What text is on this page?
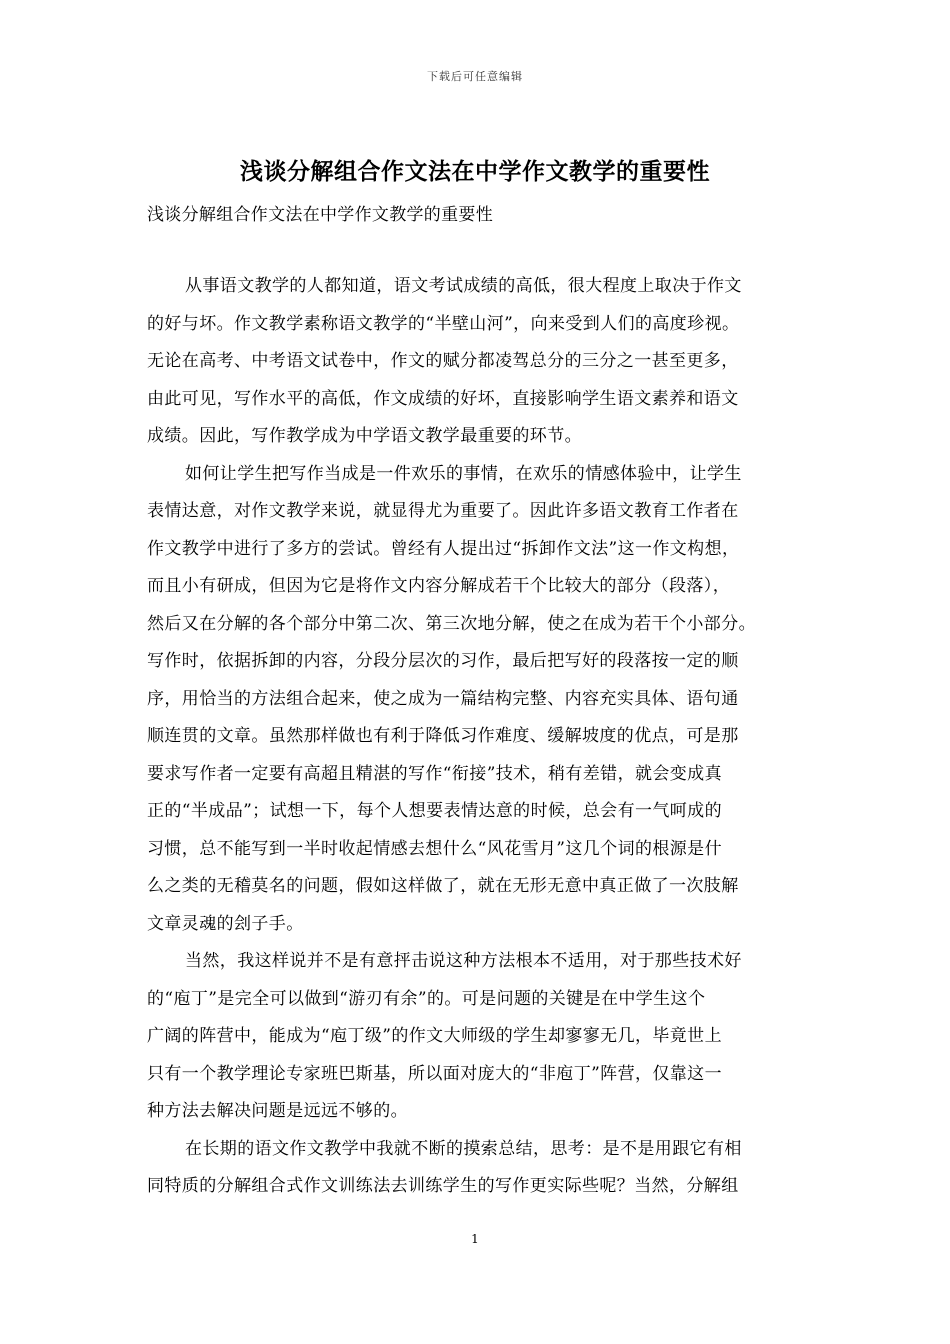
下载后可任意编辑
浅谈分解组合作文法在中学作文教学的重要性
浅谈分解组合作文法在中学作文教学的重要性
从事语文教学的人都知道，语文考试成绩的高低，很大程度上取决于作文
的好与坏。作文教学素称语文教学的“半壁山河”，向来受到人们的高度珍视。
无论在高考、中考语文试卷中，作文的赋分都凌驾总分的三分之一甚至更多，
由此可见，写作水平的高低，作文成绩的好坏，直接影响学生语文素养和语文
成绩。因此，写作教学成为中学语文教学最重要的环节。
如何让学生把写作当成是一件欢乐的事情，在欢乐的情感体验中，让学生
表情达意，对作文教学来说，就显得尤为重要了。因此许多语文教育工作者在
作文教学中进行了多方的尝试。曾经有人提出过“拆卸作文法”这一作文构想，
而且小有研成，但因为它是将作文内容分解成若干个比较大的部分（段落），
然后又在分解的各个部分中第二次、第三次地分解，使之在成为若干个小部分。
写作时，依据拆卸的内容，分段分层次的习作，最后把写好的段落按一定的顺
序，用恰当的方法组合起来，使之成为一篇结构完整、内容充实具体、语句通
顺连贯的文章。虽然那样做也有利于降低习作难度、缓解坡度的优点，可是那
要求写作者一定要有高超且精湛的写作“衔接”技术，稍有差错，就会变成真
正的“半成品”；试想一下，每个人想要表情达意的时候，总会有一气呵成的
习惯，总不能写到一半时收起情感去想什么“风花雪月”这几个词的根源是什
么之类的无稽莫名的问题，假如这样做了，就在无形无意中真正做了一次肢解
文章灵魂的刽子手。
当然，我这样说并不是有意抨击说这种方法根本不适用，对于那些技术好
的“庖丁”是完全可以做到“游刃有余”的。可是问题的关键是在中学生这个
广阔的阵营中，能成为“庖丁级”的作文大师级的学生却寥寥无几，毕竟世上
只有一个教学理论专家班巴斯基，所以面对庞大的“非庖丁”阵营，仅靠这一
种方法去解决问题是远远不够的。
在长期的语文作文教学中我就不断的摸索总结，思考：是不是用跟它有相
同特质的分解组合式作文训练法去训练学生的写作更实际些呢？当然，分解组
1
